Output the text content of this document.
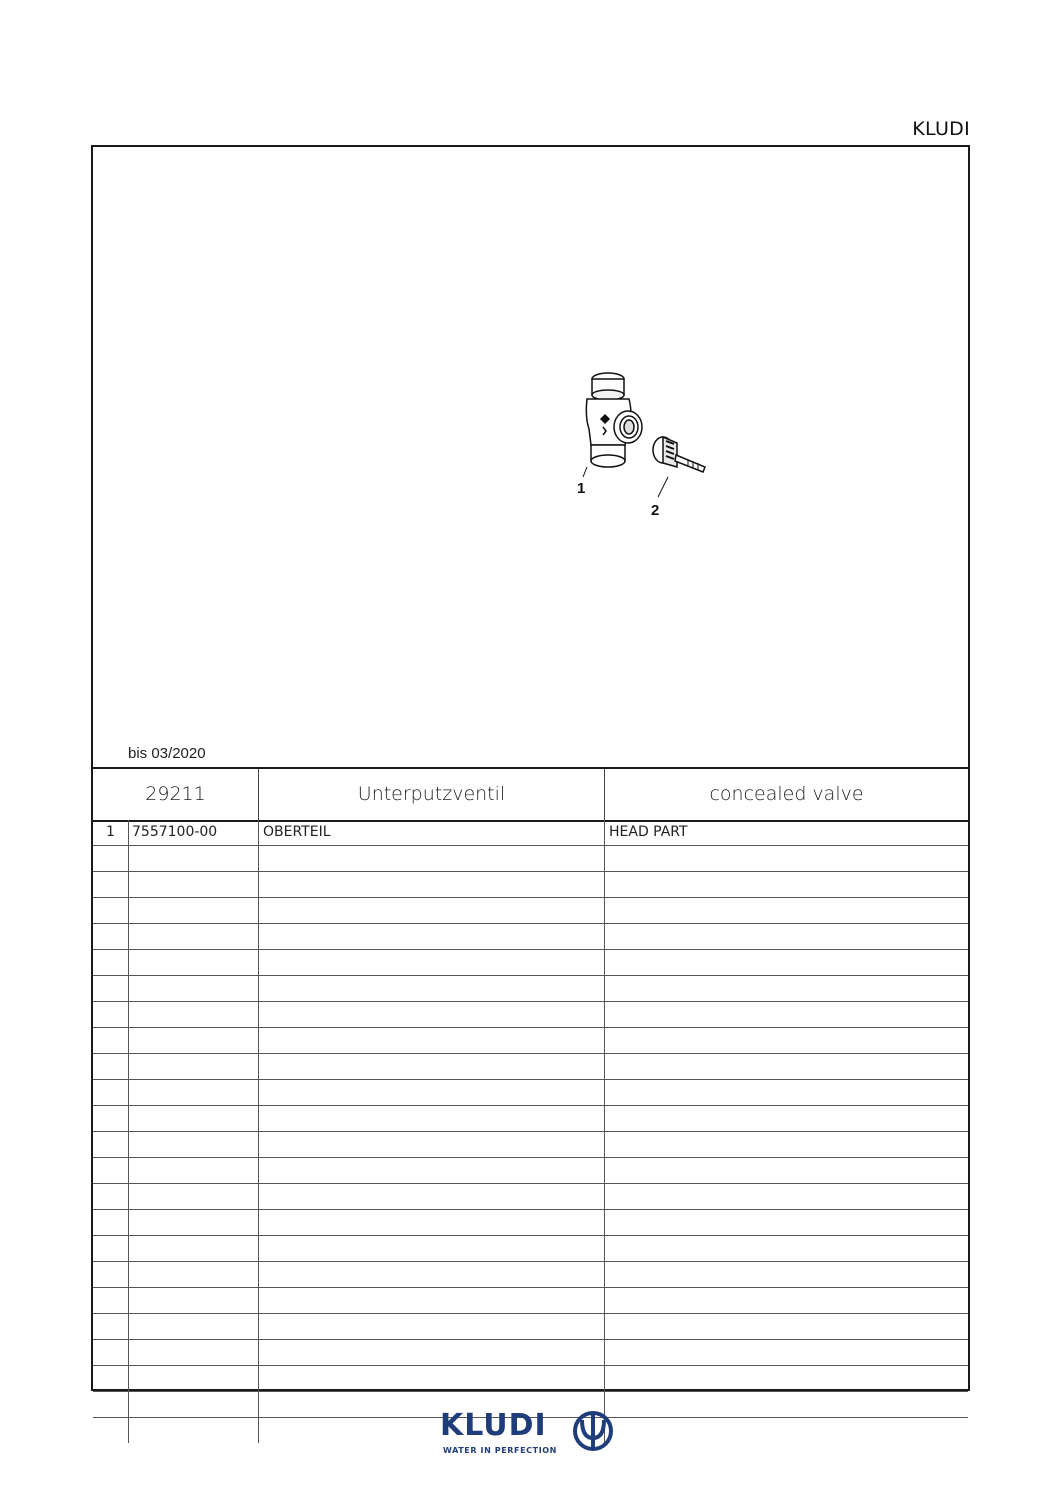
KLUDI
1
2
bis 03/2020
29211	Unterputzventil	concealed valve
1	7557100-00	OBERTEIL	HEAD PART
KLUDI
WATER IN PERFECTION
